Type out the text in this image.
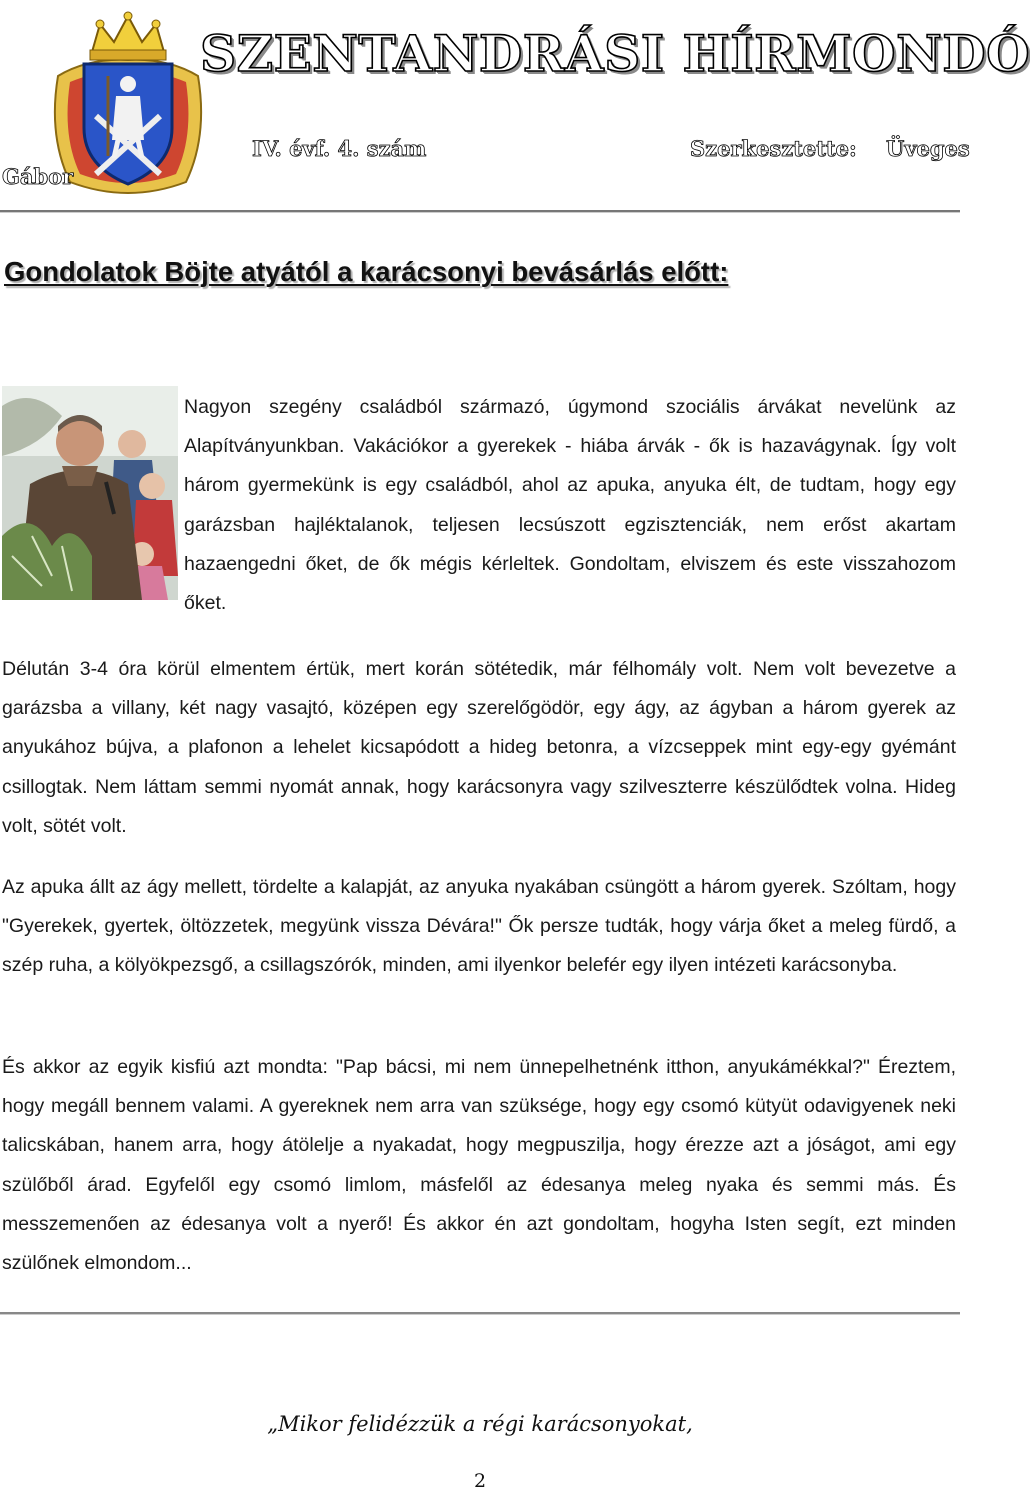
SZENTANDRÁSI HÍRMONDÓ
IV. évf. 4. szám	Szerkesztette: Üveges
Gábor
Gondolatok Böjte atyától a karácsonyi bevásárlás előtt:

Nagyon szegény családból származó, úgymond szociális árvákat nevelünk az Alapítványunkban. Vakációkor a gyerekek - hiába árvák - ők is hazavágynak. Így volt három gyermekünk is egy családból, ahol az apuka, anyuka élt, de tudtam, hogy egy garázsban hajléktalanok, teljesen lecsúszott egzisztenciák, nem erőst akartam hazaengedni őket, de ők mégis kérleltek. Gondoltam, elviszem és este visszahozom őket.

Délután 3-4 óra körül elmentem értük, mert korán sötétedik, már félhomály volt. Nem volt bevezetve a garázsba a villany, két nagy vasajtó, középen egy szerelőgödör, egy ágy, az ágyban a három gyerek az anyukához bújva, a plafonon a lehelet kicsapódott a hideg betonra, a vízcseppek mint egy-egy gyémánt csillogtak. Nem láttam semmi nyomát annak, hogy karácsonyra vagy szilveszterre készülődtek volna. Hideg volt, sötét volt.

Az apuka állt az ágy mellett, tördelte a kalapját, az anyuka nyakában csüngött a három gyerek. Szóltam, hogy "Gyerekek, gyertek, öltözzetek, megyünk vissza Dévára!" Ők persze tudták, hogy várja őket a meleg fürdő, a szép ruha, a kölyökpezsgő, a csillagszórók, minden, ami ilyenkor belefér egy ilyen intézeti karácsonyba.

És akkor az egyik kisfiú azt mondta: "Pap bácsi, mi nem ünnepelhetnénk itthon, anyukámékkal?" Éreztem, hogy megáll bennem valami. A gyereknek nem arra van szüksége, hogy egy csomó kütyüt odavigyenek neki talicskában, hanem arra, hogy átölelje a nyakadat, hogy megpuszilja, hogy érezze azt a jóságot, ami egy szülőből árad. Egyfelől egy csomó limlom, másfelől az édesanya meleg nyaka és semmi más. És messzemenően az édesanya volt a nyerő! És akkor én azt gondoltam, hogyha Isten segít, ezt minden szülőnek elmondom...

„Mikor felidézzük a régi karácsonyokat,
2
